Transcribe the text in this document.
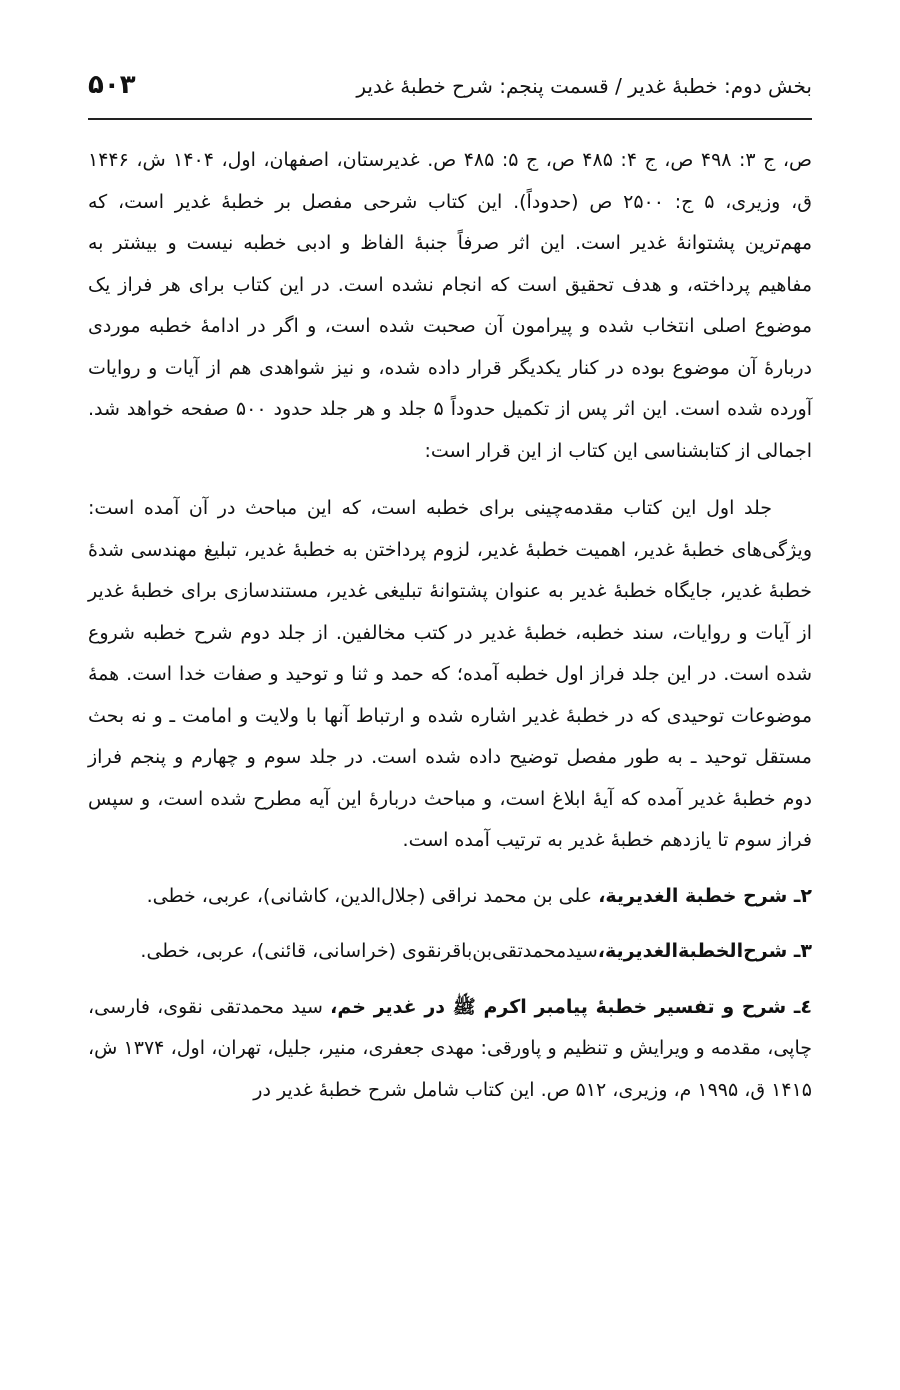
بخش دوم: خطبۀ غدیر / قسمت پنجم: شرح خطبۀ غدیر
۵۰۳

ص، ج ۳: ۴۹۸ ص، ج ۴: ۴۸۵ ص، ج ۵: ۴۸۵ ص. غدیرستان، اصفهان، اول، ۱۴۰۴ ش، ۱۴۴۶ ق، وزیری، ۵ ج: ۲۵۰۰ ص (حدوداً). این کتاب شرحی مفصل بر خطبۀ غدیر است، که مهم‌ترین پشتوانۀ غدیر است. این اثر صرفاً جنبۀ الفاظ و ادبی خطبه نیست و بیشتر به مفاهیم پرداخته، و هدف تحقیق است که انجام نشده است. در این کتاب برای هر فراز یک موضوع اصلی انتخاب شده و پیرامون آن صحبت شده است، و اگر در ادامۀ خطبه موردی دربارۀ آن موضوع بوده در کنار یکدیگر قرار داده شده، و نیز شواهدی هم از آیات و روایات آورده شده است. این اثر پس از تکمیل حدوداً ۵ جلد و هر جلد حدود ۵۰۰ صفحه خواهد شد. اجمالی از کتابشناسی این کتاب از این قرار است:

جلد اول این کتاب مقدمه‌چینی برای خطبه است، که این مباحث در آن آمده است: ویژگی‌های خطبۀ غدیر، اهمیت خطبۀ غدیر، لزوم پرداختن به خطبۀ غدیر، تبلیغ مهندسی شدۀ خطبۀ غدیر، جایگاه خطبۀ غدیر به عنوان پشتوانۀ تبلیغی غدیر، مستندسازی برای خطبۀ غدیر از آیات و روایات، سند خطبه، خطبۀ غدیر در کتب مخالفین. از جلد دوم شرح خطبه شروع شده است. در این جلد فراز اول خطبه آمده؛ که حمد و ثنا و توحید و صفات خدا است. همۀ موضوعات توحیدی که در خطبۀ غدیر اشاره شده و ارتباط آنها با ولایت و امامت ـ و نه بحث مستقل توحید ـ به طور مفصل توضیح داده شده است. در جلد سوم و چهارم و پنجم فراز دوم خطبۀ غدیر آمده که آیۀ ابلاغ است، و مباحث دربارۀ این آیه مطرح شده است، و سپس فراز سوم تا یازدهم خطبۀ غدیر به ترتیب آمده است.

۲ـ شرح خطبة الغديرية، علی بن محمد نراقی (جلال‌الدین، کاشانی)، عربی، خطی.

۳ـ شرح‌الخطبةالغديرية،سیدمحمدتقی‌بن‌باقرنقوی (خراسانی، قائنی)، عربی، خطی.

٤ـ شرح و تفسیر خطبۀ پیامبر اکرم ﷺ در غدیر خم، سید محمدتقی نقوی، فارسی، چاپی، مقدمه و ویرایش و تنظیم و پاورقی: مهدی جعفری، منیر، جلیل، تهران، اول، ۱۳۷۴ ش، ۱۴۱۵ ق، ۱۹۹۵ م، وزیری، ۵۱۲ ص. این کتاب شامل شرح خطبۀ غدیر در
